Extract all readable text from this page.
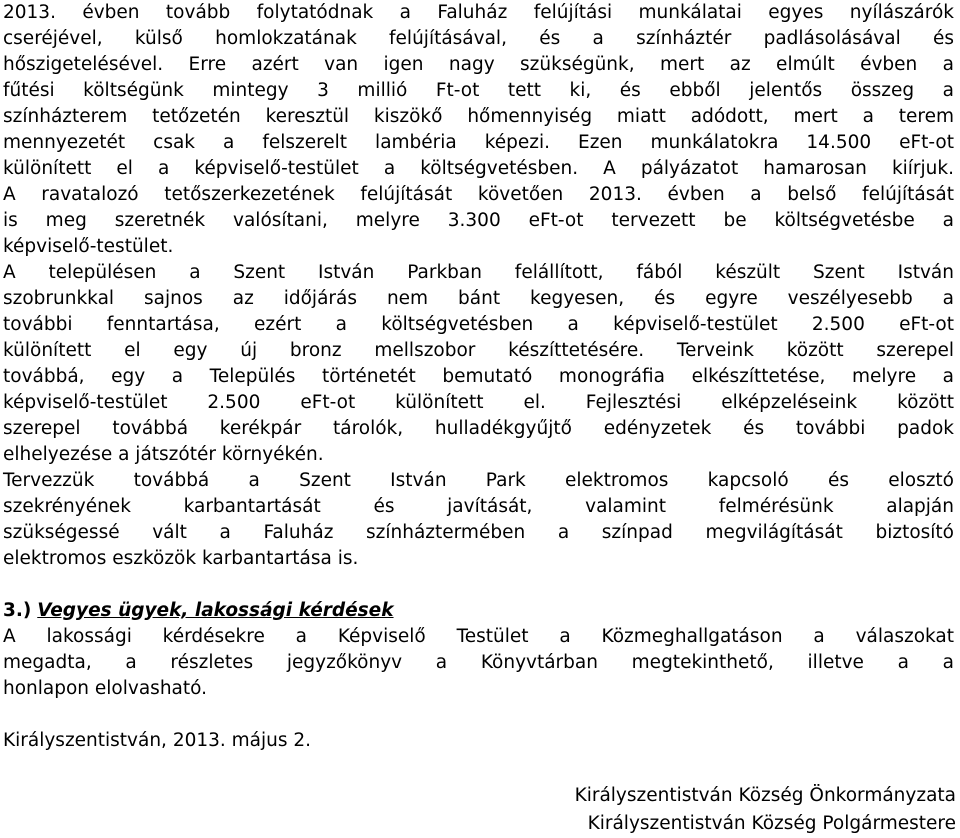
2013. évben tovább folytatódnak a Faluház felújítási munkálatai egyes nyílászárók
cseréjével, külső homlokzatának felújításával, és a színháztér padlásolásával és
hőszigetelésével. Erre azért van igen nagy szükségünk, mert az elmúlt évben a
fűtési költségünk mintegy 3 millió Ft-ot tett ki, és ebből jelentős összeg a
színházterem tetőzetén keresztül kiszökő hőmennyiség miatt adódott, mert a terem
mennyezetét csak a felszerelt lambéria képezi. Ezen munkálatokra 14.500 eFt-ot
különített el a képviselő-testület a költségvetésben. A pályázatot hamarosan kiírjuk.
A ravatalozó tetőszerkezetének felújítását követően 2013. évben a belső felújítását
is meg szeretnék valósítani, melyre 3.300 eFt-ot tervezett be költségvetésbe a
képviselő-testület.
A településen a Szent István Parkban felállított, fából készült Szent István
szobrunkkal sajnos az időjárás nem bánt kegyesen, és egyre veszélyesebb a
további fenntartása, ezért a költségvetésben a képviselő-testület 2.500 eFt-ot
különített el egy új bronz mellszobor készíttetésére. Terveink között szerepel
továbbá, egy a Település történetét bemutató monográfia elkészíttetése, melyre a
képviselő-testület 2.500 eFt-ot különített el. Fejlesztési elképzeléseink között
szerepel továbbá kerékpár tárolók, hulladékgyűjtő edényzetek és további padok
elhelyezése a játszótér környékén.
Tervezzük továbbá a Szent István Park elektromos kapcsoló és elosztó
szekrényének karbantartását és javítását, valamint felmérésünk alapján
szükségessé vált a Faluház színháztermében a színpad megvilágítását biztosító
elektromos eszközök karbantartása is.
3.) Vegyes ügyek, lakossági kérdések
A lakossági kérdésekre a Képviselő Testület a Közmeghallgatáson a válaszokat
megadta, a részletes jegyzőkönyv a Könyvtárban megtekinthető, illetve a a
honlapon elolvasható.
Királyszentistván, 2013. május 2.
Királyszentistván Község Önkormányzata
Királyszentistván Község Polgármestere
